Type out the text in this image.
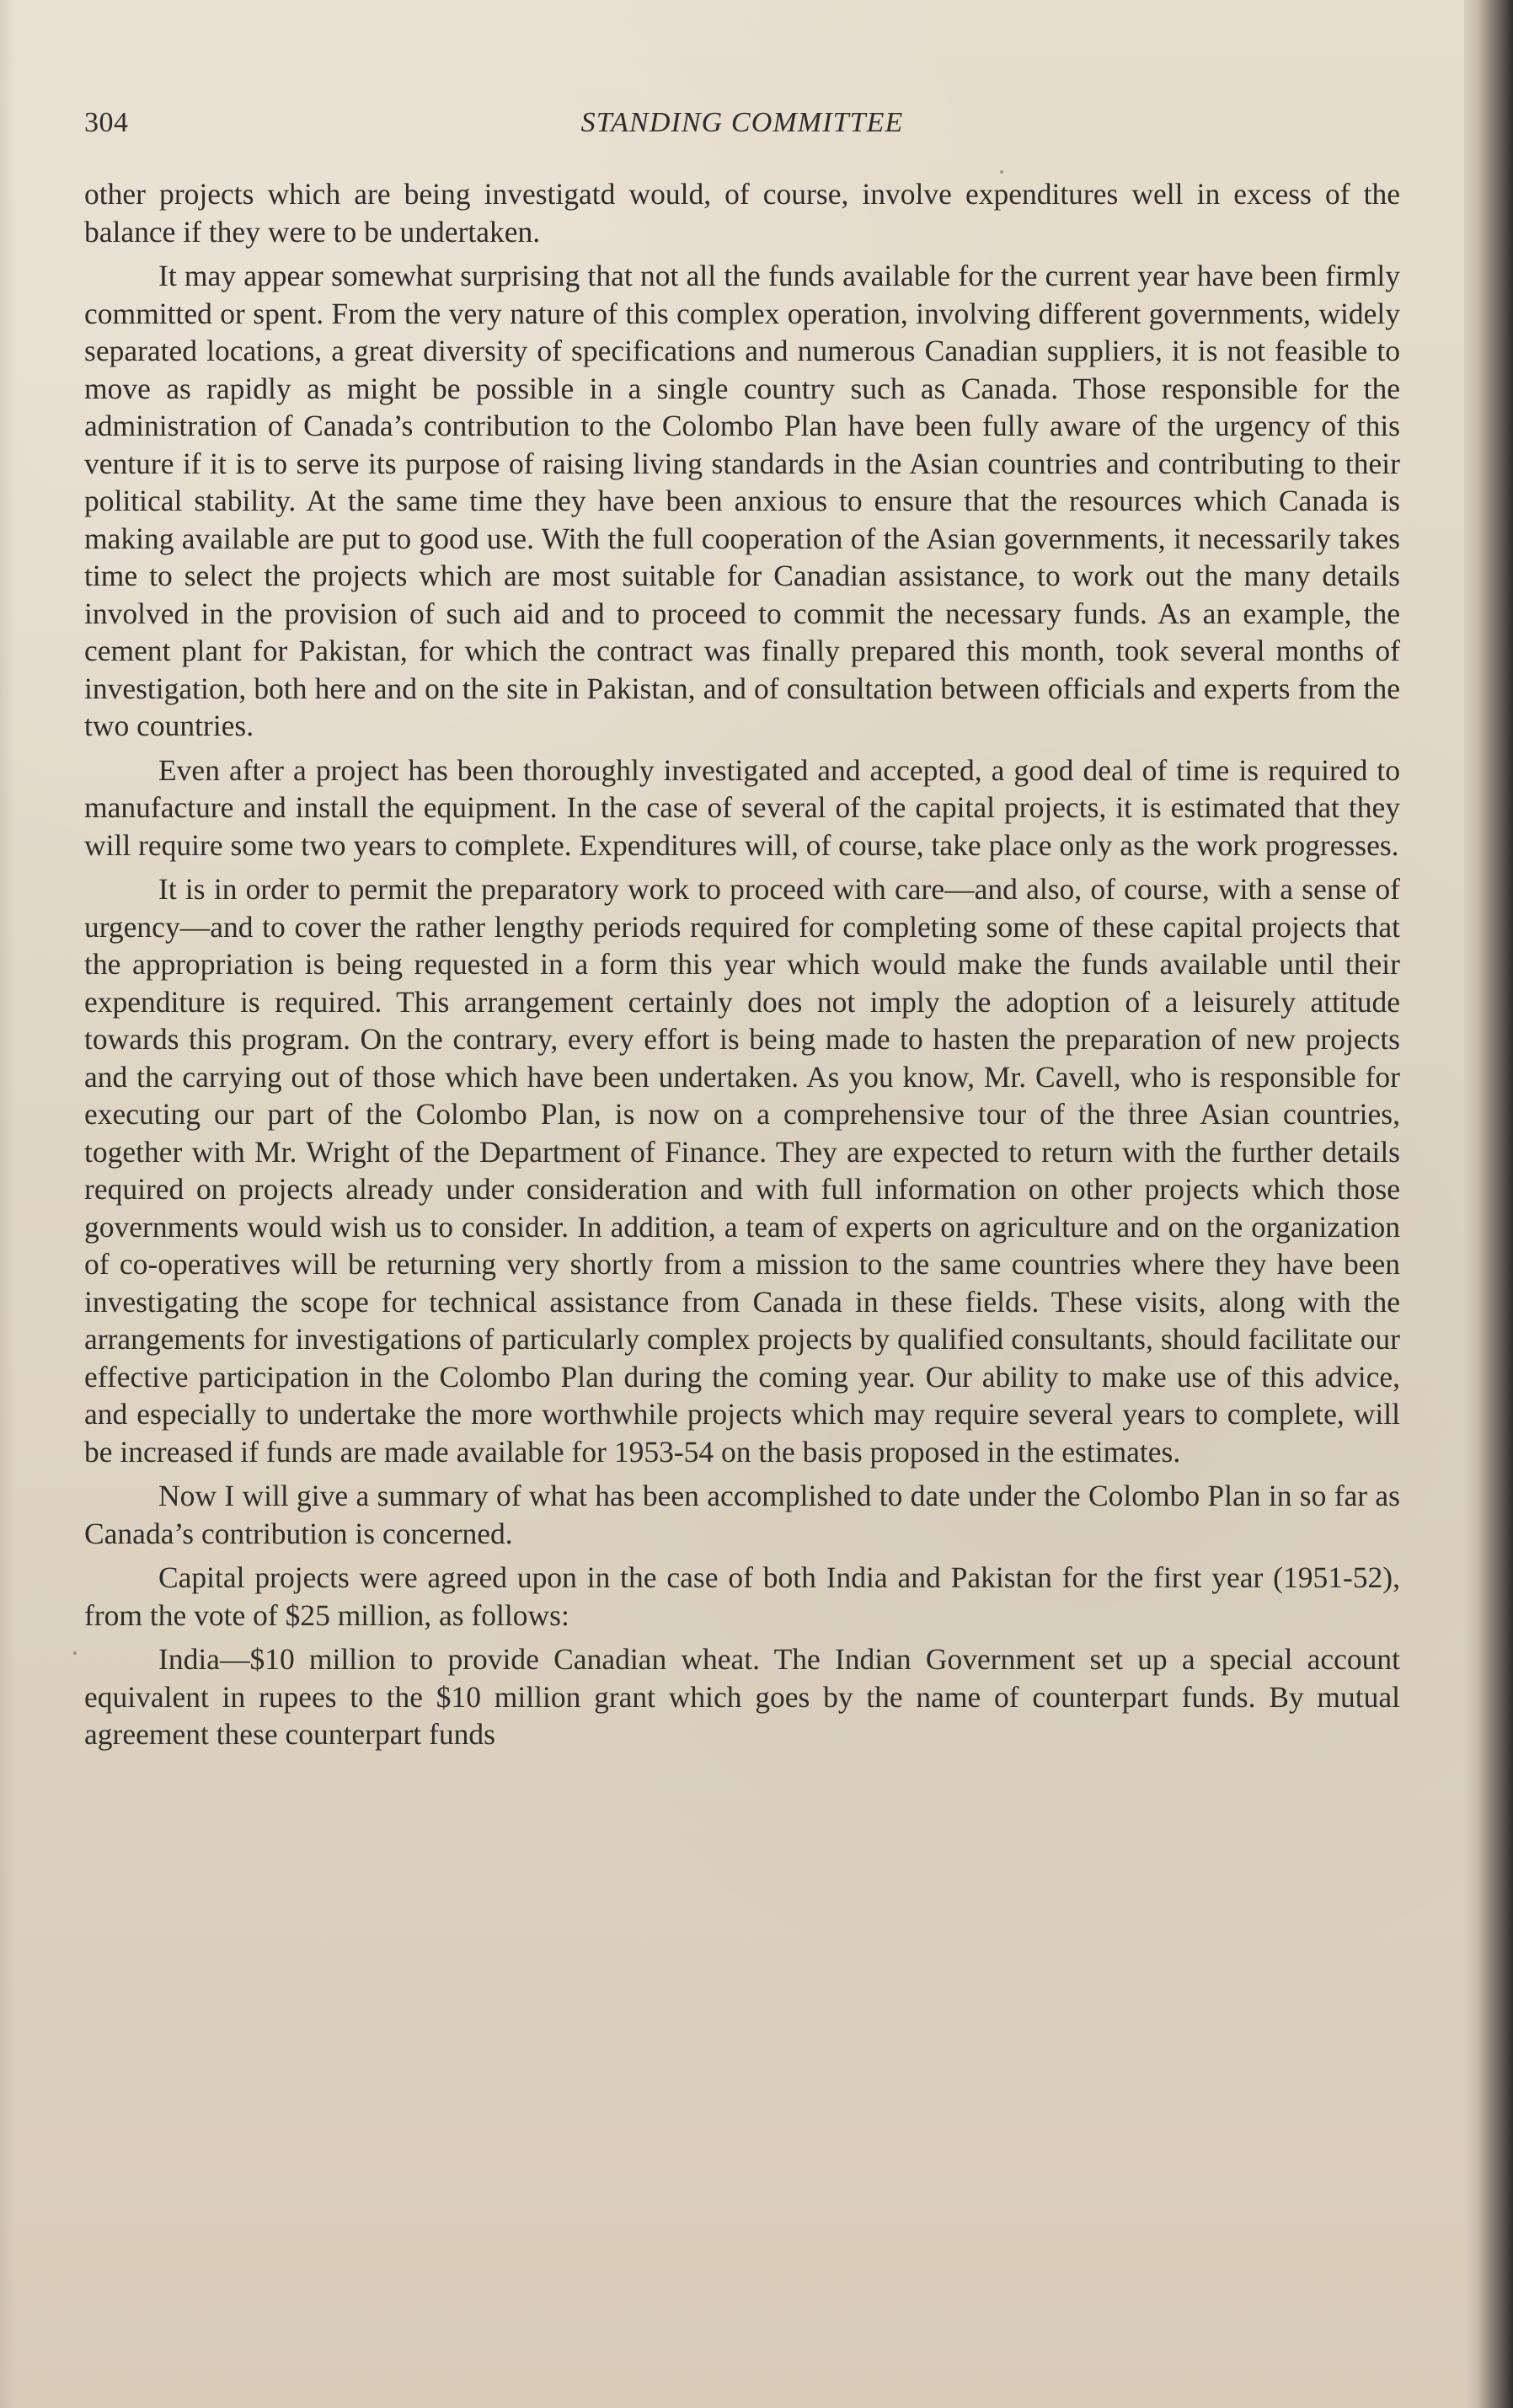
304	STANDING COMMITTEE

other projects which are being investigatd would, of course, involve expenditures well in excess of the balance if they were to be undertaken.

It may appear somewhat surprising that not all the funds available for the current year have been firmly committed or spent. From the very nature of this complex operation, involving different governments, widely separated locations, a great diversity of specifications and numerous Canadian suppliers, it is not feasible to move as rapidly as might be possible in a single country such as Canada. Those responsible for the administration of Canada’s contribution to the Colombo Plan have been fully aware of the urgency of this venture if it is to serve its purpose of raising living standards in the Asian countries and contributing to their political stability. At the same time they have been anxious to ensure that the resources which Canada is making available are put to good use. With the full cooperation of the Asian governments, it necessarily takes time to select the projects which are most suitable for Canadian assistance, to work out the many details involved in the provision of such aid and to proceed to commit the necessary funds. As an example, the cement plant for Pakistan, for which the contract was finally prepared this month, took several months of investigation, both here and on the site in Pakistan, and of consultation between officials and experts from the two countries.

Even after a project has been thoroughly investigated and accepted, a good deal of time is required to manufacture and install the equipment. In the case of several of the capital projects, it is estimated that they will require some two years to complete. Expenditures will, of course, take place only as the work progresses.

It is in order to permit the preparatory work to proceed with care—and also, of course, with a sense of urgency—and to cover the rather lengthy periods required for completing some of these capital projects that the appropriation is being requested in a form this year which would make the funds available until their expenditure is required. This arrangement certainly does not imply the adoption of a leisurely attitude towards this program. On the contrary, every effort is being made to hasten the preparation of new projects and the carrying out of those which have been undertaken. As you know, Mr. Cavell, who is responsible for executing our part of the Colombo Plan, is now on a comprehensive tour of the three Asian countries, together with Mr. Wright of the Department of Finance. They are expected to return with the further details required on projects already under consideration and with full information on other projects which those governments would wish us to consider. In addition, a team of experts on agriculture and on the organization of co-operatives will be returning very shortly from a mission to the same countries where they have been investigating the scope for technical assistance from Canada in these fields. These visits, along with the arrangements for investigations of particularly complex projects by qualified consultants, should facilitate our effective participation in the Colombo Plan during the coming year. Our ability to make use of this advice, and especially to undertake the more worthwhile projects which may require several years to complete, will be increased if funds are made available for 1953-54 on the basis proposed in the estimates.

Now I will give a summary of what has been accomplished to date under the Colombo Plan in so far as Canada’s contribution is concerned.

Capital projects were agreed upon in the case of both India and Pakistan for the first year (1951-52), from the vote of $25 million, as follows:

India—$10 million to provide Canadian wheat. The Indian Government set up a special account equivalent in rupees to the $10 million grant which goes by the name of counterpart funds. By mutual agreement these counterpart funds
